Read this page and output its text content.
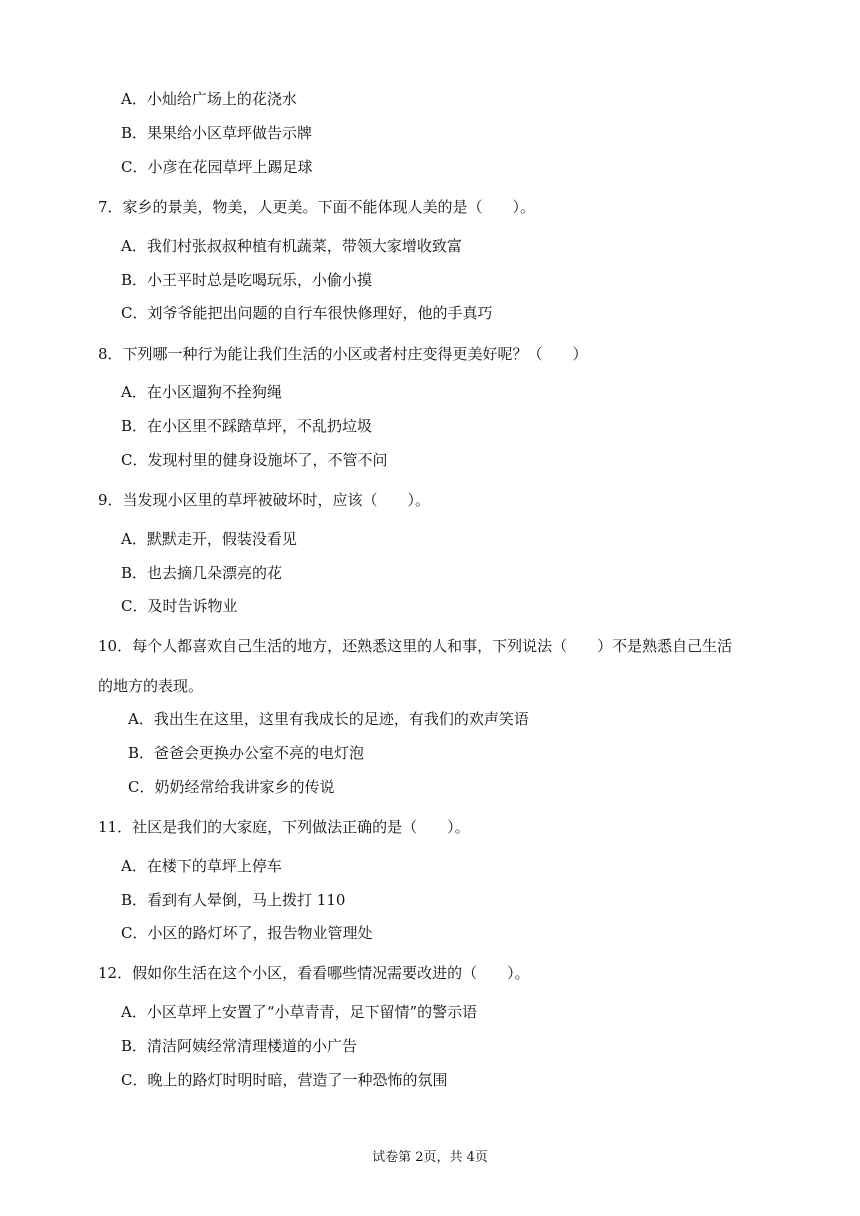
A．小灿给广场上的花浇水
B．果果给小区草坪做告示牌
C．小彦在花园草坪上踢足球
7．家乡的景美，物美，人更美。下面不能体现人美的是（　　）。
A．我们村张叔叔种植有机蔬菜，带领大家增收致富
B．小王平时总是吃喝玩乐，小偷小摸
C．刘爷爷能把出问题的自行车很快修理好，他的手真巧
8．下列哪一种行为能让我们生活的小区或者村庄变得更美好呢？（　　）
A．在小区遛狗不拴狗绳
B．在小区里不踩踏草坪，不乱扔垃圾
C．发现村里的健身设施坏了，不管不问
9．当发现小区里的草坪被破坏时，应该（　　）。
A．默默走开，假装没看见
B．也去摘几朵漂亮的花
C．及时告诉物业
10．每个人都喜欢自己生活的地方，还熟悉这里的人和事，下列说法（　　）不是熟悉自己生活
的地方的表现。
A．我出生在这里，这里有我成长的足迹，有我们的欢声笑语
B．爸爸会更换办公室不亮的电灯泡
C．奶奶经常给我讲家乡的传说
11．社区是我们的大家庭，下列做法正确的是（　　）。
A．在楼下的草坪上停车
B．看到有人晕倒，马上拨打 110
C．小区的路灯坏了，报告物业管理处
12．假如你生活在这个小区，看看哪些情况需要改进的（　　）。
A．小区草坪上安置了“小草青青，足下留情”的警示语
B．清洁阿姨经常清理楼道的小广告
C．晚上的路灯时明时暗，营造了一种恐怖的氛围
试卷第 2页，共 4页
